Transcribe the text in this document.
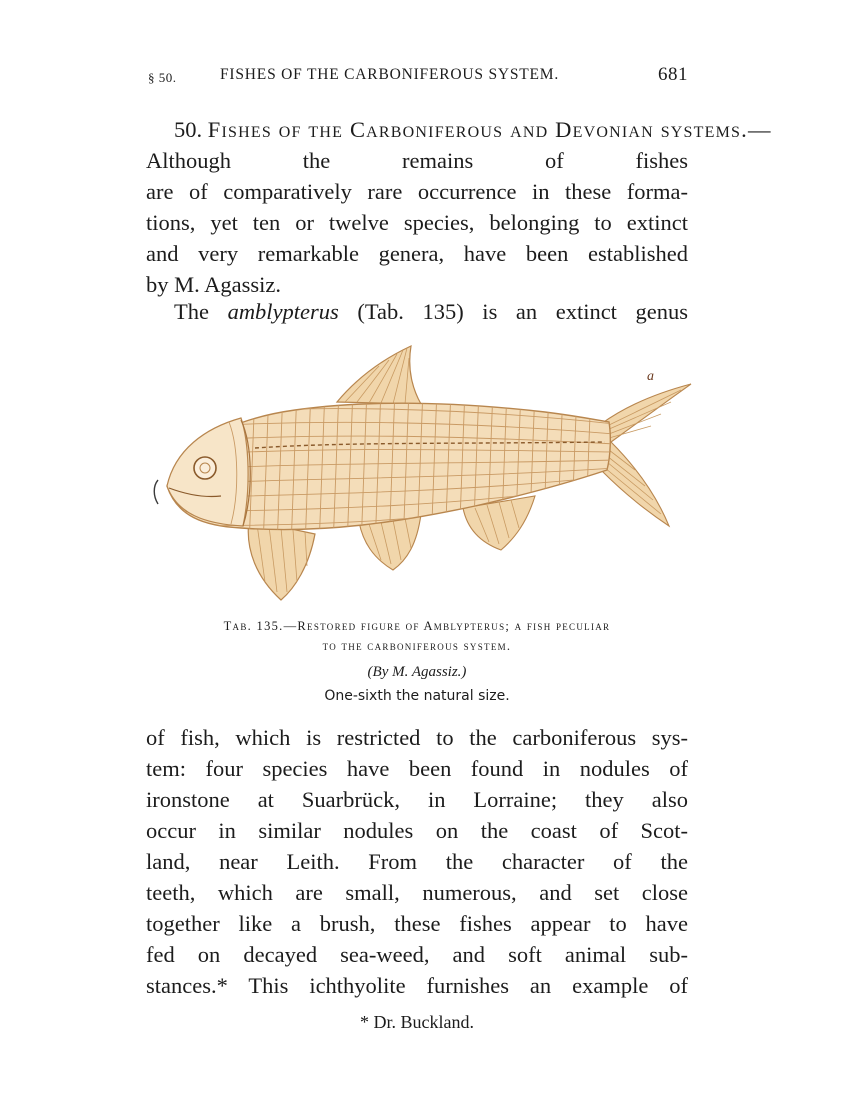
§ 50.	FISHES OF THE CARBONIFEROUS SYSTEM.	681
50. Fishes of the Carboniferous and Devonian systems.—
Although the remains of fishes
are of comparatively rare occurrence in these forma-
tions, yet ten or twelve species, belonging to extinct
and very remarkable genera, have been established
by M. Agassiz.
The amblypterus (Tab. 135) is an extinct genus
a
Tab. 135.—Restored figure of Amblypterus; a fish peculiar
to the carboniferous system.
(By M. Agassiz.)
One-sixth the natural size.
of fish, which is restricted to the carboniferous sys-
tem: four species have been found in nodules of
ironstone at Suarbrück, in Lorraine; they also
occur in similar nodules on the coast of Scot-
land, near Leith. From the character of the
teeth, which are small, numerous, and set close
together like a brush, these fishes appear to have
fed on decayed sea-weed, and soft animal sub-
stances.* This ichthyolite furnishes an example of
* Dr. Buckland.
